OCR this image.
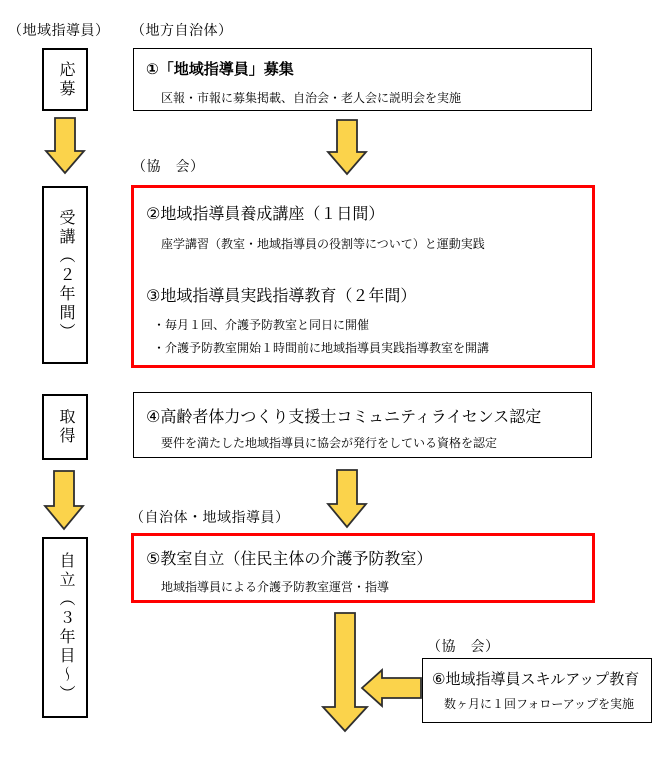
（地域指導員） （地方自治体）
（協　会）
（自治体・地域指導員）
（協　会）
応募
受講（２年間）
取得
自立（３年目～）
①「地域指導員」募集
区報・市報に募集掲載、自治会・老人会に説明会を実施
②地域指導員養成講座（１日間）
座学講習（教室・地域指導員の役割等について）と運動実践
③地域指導員実践指導教育（２年間）
・毎月１回、介護予防教室と同日に開催
・介護予防教室開始１時間前に地域指導員実践指導教室を開講
④高齢者体力つくり支援士コミュニティライセンス認定
要件を満たした地域指導員に協会が発行をしている資格を認定
⑤教室自立（住民主体の介護予防教室）
地域指導員による介護予防教室運営・指導
⑥地域指導員スキルアップ教育
数ヶ月に１回フォローアップを実施
